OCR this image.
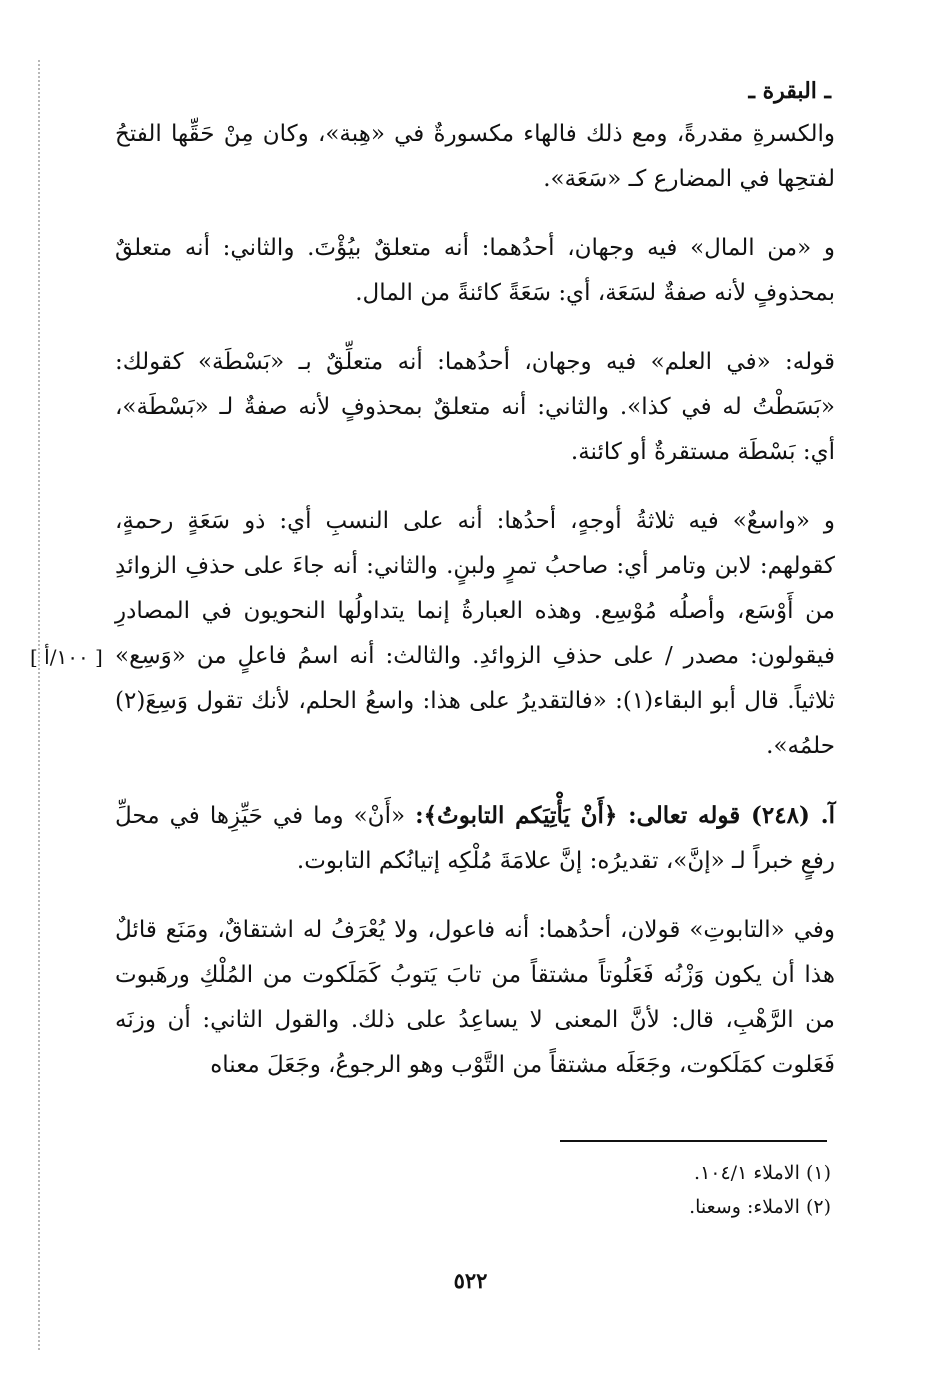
ـ البقرة ـ

والكسرةِ مقدرةً، ومع ذلك فالهاء مكسورةٌ في «هِبة»، وكان مِنْ حَقِّها الفتحُ لفتحِها في المضارع كـ «سَعَة».

و «من المال» فيه وجهان، أحدُهما: أنه متعلقٌ بيُؤْتَ. والثاني: أنه متعلقٌ بمحذوفٍ لأنه صفةٌ لسَعَة، أي: سَعَةً كائنةً من المال.

قوله: «في العلم» فيه وجهان، أحدُهما: أنه متعلِّقٌ بـ «بَسْطَة» كقولك: «بَسَطْتُ له في كذا». والثاني: أنه متعلقٌ بمحذوفٍ لأنه صفةٌ لـ «بَسْطَة»، أي: بَسْطَة مستقرةٌ أو كائنة.

و «واسعٌ» فيه ثلاثةُ أوجهٍ، أحدُها: أنه على النسبِ أي: ذو سَعَةٍ رحمةٍ، كقولهم: لابن وتامر أي: صاحبُ تمرٍ ولبنٍ. والثاني: أنه جاءَ على حذفِ الزوائدِ من أَوْسَع، وأصلُه مُوْسِع. وهذه العبارةُ إنما يتداولُها النحويون في المصادرِ فيقولون: مصدر / على حذفِ الزوائدِ. والثالث: أنه اسمُ فاعلٍ من «وَسِع» ثلاثياً. قال أبو البقاء(١): «فالتقديرُ على هذا: واسعُ الحلم، لأنك تقول وَسِعَ(٢) حلمُه».

آ. (٢٤٨) قوله تعالى: ﴿أَنْ يَأْتِيَكم التابوتُ﴾: «أَنْ» وما في حَيِّزِها في محلِّ رفعٍ خبراً لـ «إنَّ»، تقديرُه: إنَّ علامَةَ مُلْكِه إتيانُكم التابوت.

وفي «التابوتِ» قولان، أحدُهما: أنه فاعول، ولا يُعْرَفُ له اشتقاقٌ، ومَنَع قائلٌ هذا أن يكون وَزْنُه فَعَلُوتاً مشتقاً من تابَ يَتوبُ كَمَلَكوت من المُلْكِ ورهَبوت من الرَّهْبِ، قال: لأنَّ المعنى لا يساعِدُ على ذلك. والقول الثاني: أن وزنَه فَعَلوت كمَلَكوت، وجَعَلَه مشتقاً من التَّوْب وهو الرجوعُ، وجَعَلَ معناه

[ ١٠٠/أ ]
(١) الاملاء ١٠٤/١.
(٢) الاملاء: وسعنا.
٥٢٢
